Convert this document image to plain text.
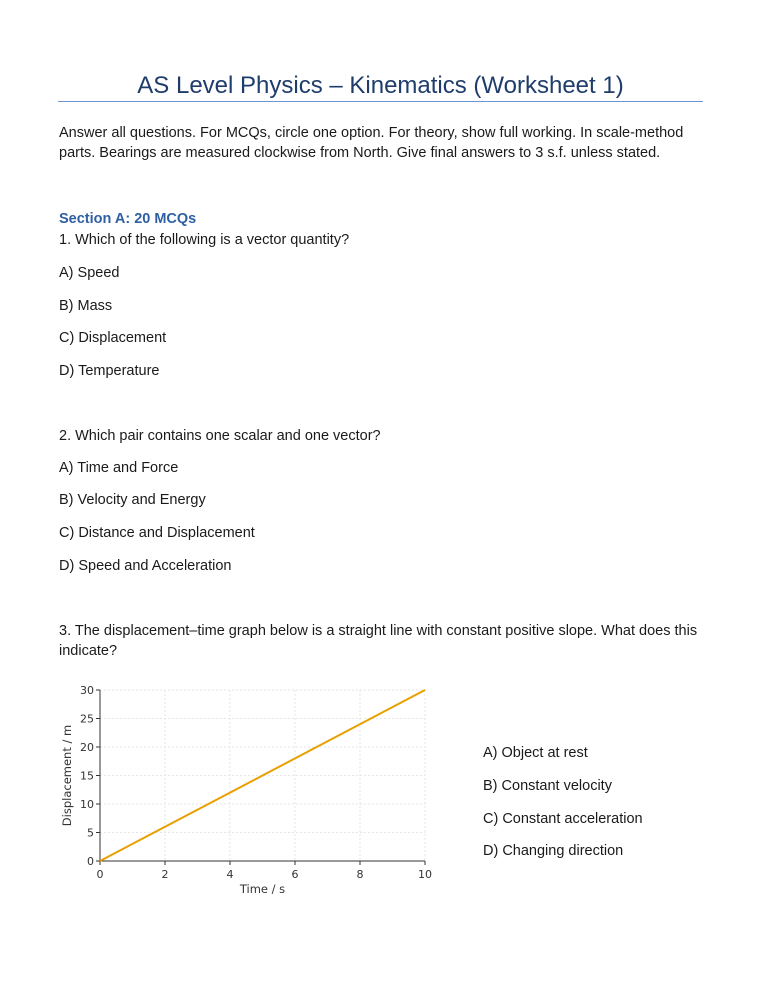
AS Level Physics – Kinematics (Worksheet 1)
Answer all questions. For MCQs, circle one option. For theory, show full working. In scale-method parts. Bearings are measured clockwise from North. Give final answers to 3 s.f. unless stated.
Section A: 20 MCQs
1. Which of the following is a vector quantity?
A) Speed
B) Mass
C) Displacement
D) Temperature
2. Which pair contains one scalar and one vector?
A) Time and Force
B) Velocity and Energy
C) Distance and Displacement
D) Speed and Acceleration
3. The displacement–time graph below is a straight line with constant positive slope. What does this indicate?
0	2	4	6	8	10
0
5
10
15
20
25
30
Time / s
Displacement / m	A) Object at rest
B) Constant velocity
C) Constant acceleration
D) Changing direction
